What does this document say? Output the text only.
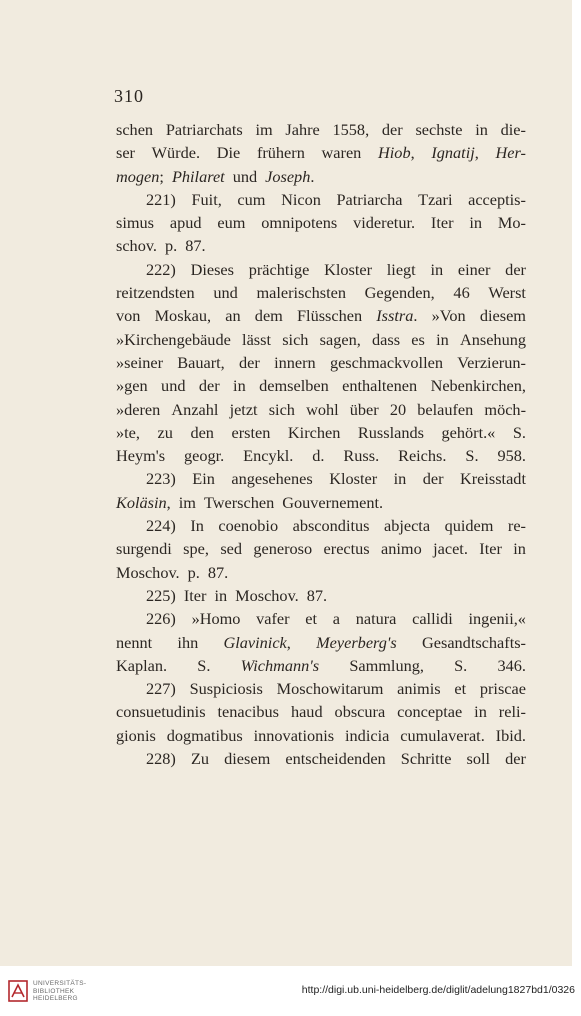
310
schen Patriarchats im Jahre 1558, der sechste in die-
ser Würde. Die frühern waren Hiob, Ignatij, Her-
mogen; Philaret und Joseph.
221) Fuit, cum Nicon Patriarcha Tzari acceptis-
simus apud eum omnipotens videretur. Iter in Mo-
schov. p. 87.
222) Dieses prächtige Kloster liegt in einer der
reitzendsten und malerischsten Gegenden, 46 Werst
von Moskau, an dem Flüsschen Isstra. »Von diesem
»Kirchengebäude lässt sich sagen, dass es in Ansehung
»seiner Bauart, der innern geschmackvollen Verzierun-
»gen und der in demselben enthaltenen Nebenkirchen,
»deren Anzahl jetzt sich wohl über 20 belaufen möch-
»te, zu den ersten Kirchen Russlands gehört.« S.
Heym's geogr. Encykl. d. Russ. Reichs. S. 958.
223) Ein angesehenes Kloster in der Kreisstadt
Koläsin, im Twerschen Gouvernement.
224) In coenobio absconditus abjecta quidem re-
surgendi spe, sed generoso erectus animo jacet. Iter in
Moschov. p. 87.
225) Iter in Moschov. 87.
226) »Homo vafer et a natura callidi ingenii,«
nennt ihn Glavinick, Meyerberg's Gesandtschafts-
Kaplan. S. Wichmann's Sammlung, S. 346.
227) Suspiciosis Moschowitarum animis et priscae
consuetudinis tenacibus haud obscura conceptae in reli-
gionis dogmatibus innovationis indicia cumulaverat. Ibid.
228) Zu diesem entscheidenden Schritte soll der
UNIVERSITÄTS-
BIBLIOTHEK
HEIDELBERG
http://digi.ub.uni-heidelberg.de/diglit/adelung1827bd1/0326
